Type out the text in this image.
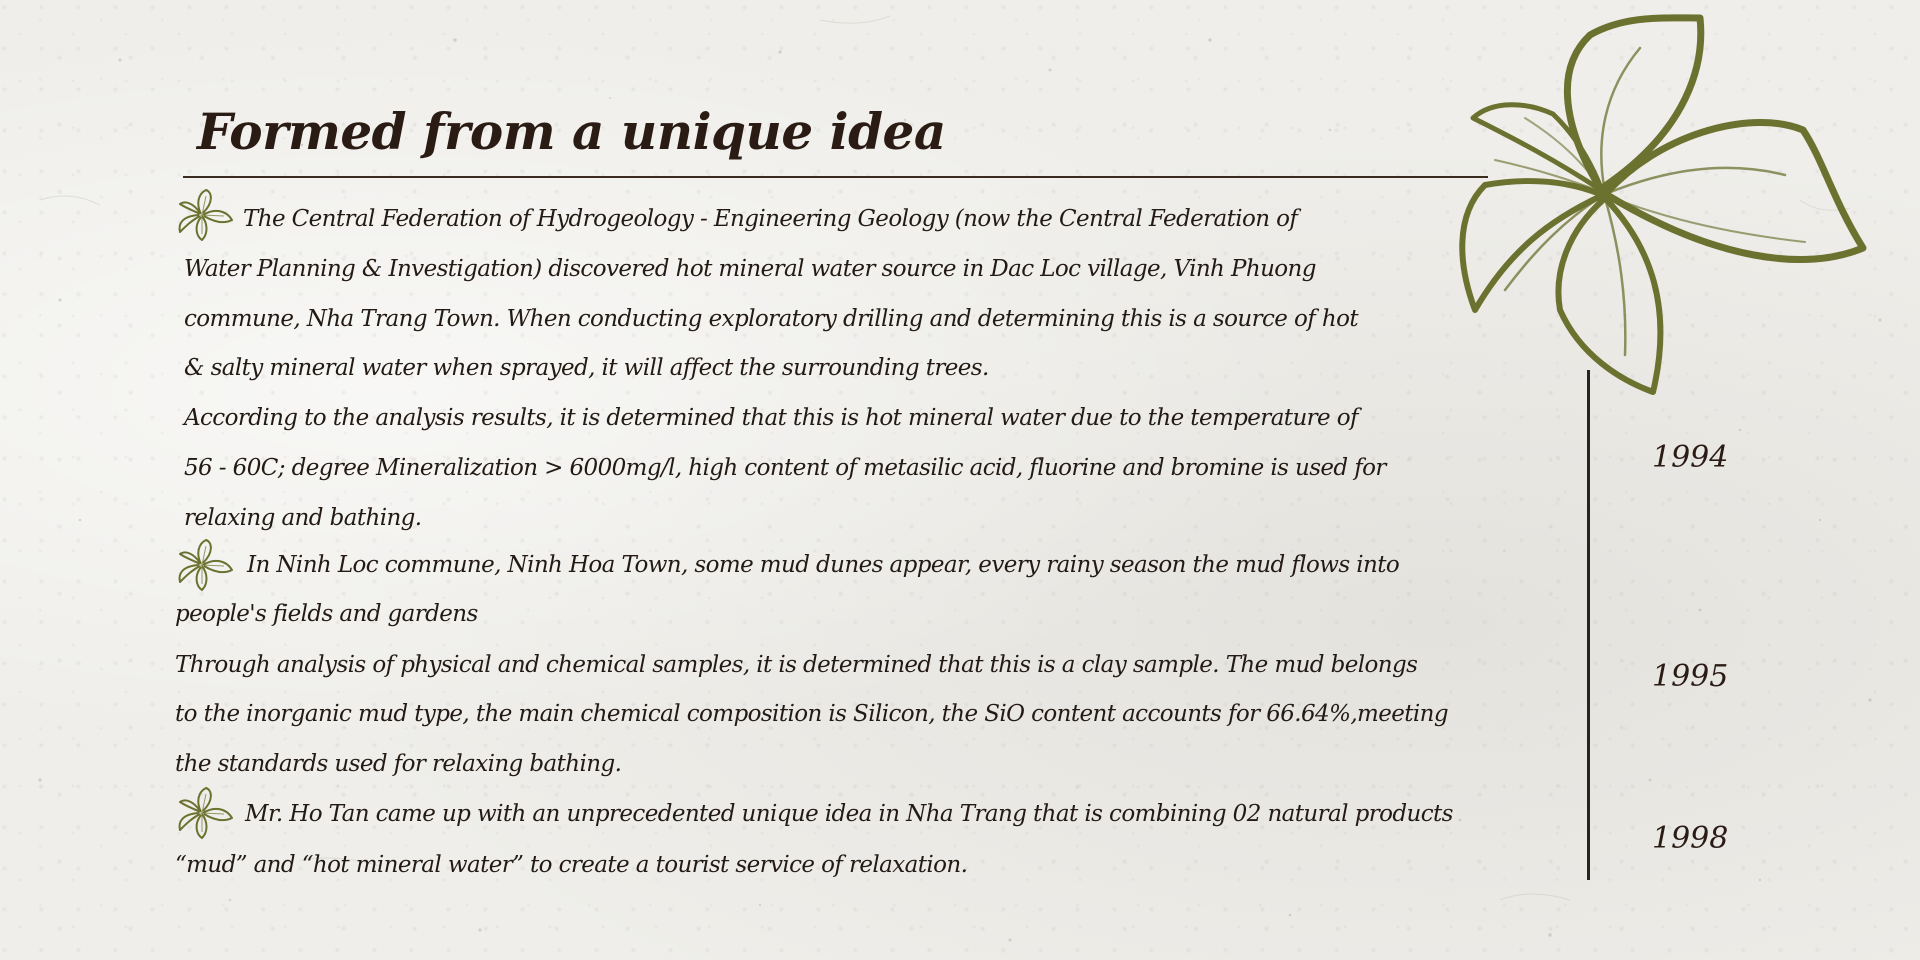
Formed from a unique idea
1994
1995
1998
The Central Federation of Hydrogeology - Engineering Geology (now the Central Federation of
Water Planning & Investigation) discovered hot mineral water source in Dac Loc village, Vinh Phuong
commune, Nha Trang Town. When conducting exploratory drilling and determining this is a source of hot
& salty mineral water when sprayed, it will affect the surrounding trees.
According to the analysis results, it is determined that this is hot mineral water due to the temperature of
56 - 60C; degree Mineralization > 6000mg/l, high content of metasilic acid, fluorine and bromine is used for
relaxing and bathing.
In Ninh Loc commune, Ninh Hoa Town, some mud dunes appear, every rainy season the mud flows into
people's fields and gardens
Through analysis of physical and chemical samples, it is determined that this is a clay sample. The mud belongs
to the inorganic mud type, the main chemical composition is Silicon, the SiO content accounts for 66.64%,meeting
the standards used for relaxing bathing.
Mr. Ho Tan came up with an unprecedented unique idea in Nha Trang that is combining 02 natural products
“mud” and “hot mineral water” to create a tourist service of relaxation.
